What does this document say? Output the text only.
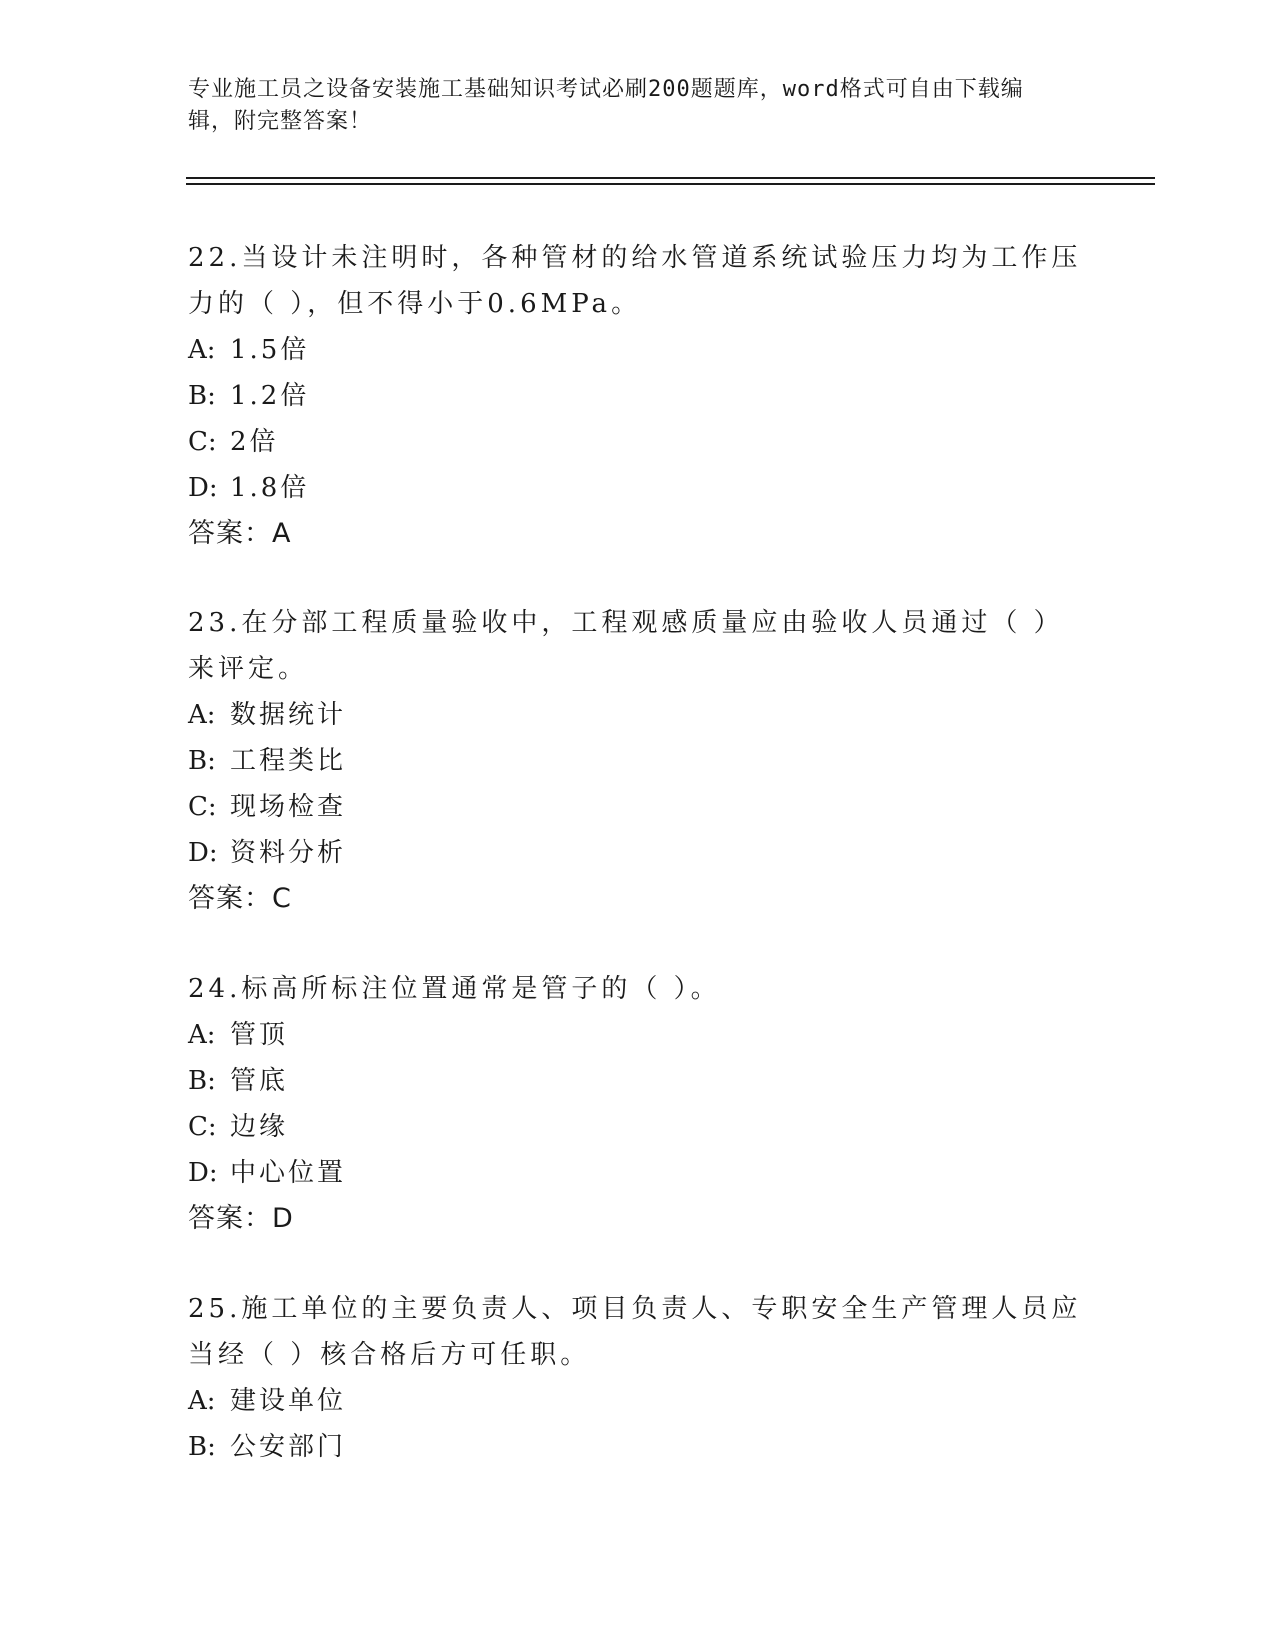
专业施工员之设备安装施工基础知识考试必刷200题题库，word格式可自由下载编辑，附完整答案！

22.当设计未注明时，各种管材的给水管道系统试验压力均为工作压力的（ ），但不得小于0.6MPa。

A: 1.5倍

B: 1.2倍

C: 2倍

D: 1.8倍

答案：A

23.在分部工程质量验收中，工程观感质量应由验收人员通过（ ）来评定。

A: 数据统计

B: 工程类比

C: 现场检查

D: 资料分析

答案：C

24.标高所标注位置通常是管子的（ ）。

A: 管顶

B: 管底

C: 边缘

D: 中心位置

答案：D

25.施工单位的主要负责人、项目负责人、专职安全生产管理人员应当经（ ）核合格后方可任职。

A: 建设单位

B: 公安部门
